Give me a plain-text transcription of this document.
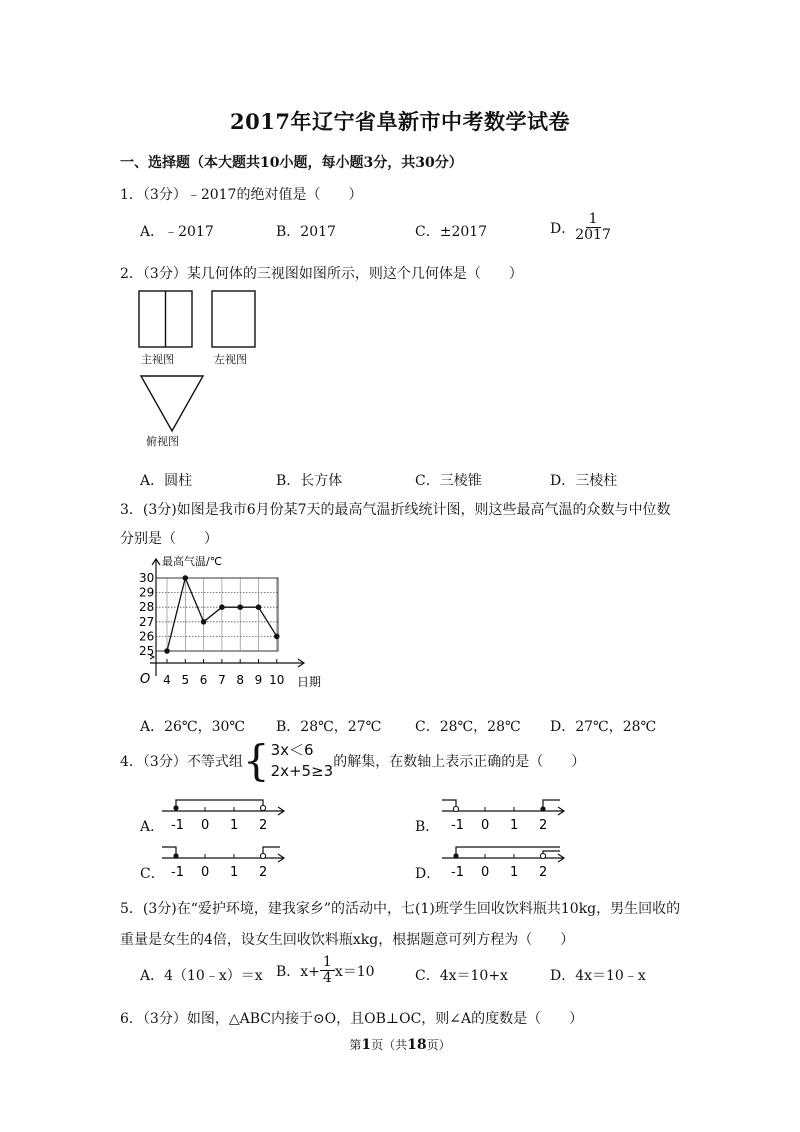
2017年辽宁省阜新市中考数学试卷
一、选择题（本大题共10小题，每小题3分，共30分）
1．（3分）﹣2017的绝对值是（　　）
A．﹣2017	B．2017	C．±2017	D． $\frac{1}{2017}$
2．（3分）某几何体的三视图如图所示，则这个几何体是（　　）
主视图	左视图
俯视图
A．圆柱	B．长方体	C．三棱锥	D．三棱柱
3．(3分)如图是我市6月份某7天的最高气温折线统计图，则这些最高气温的众数与中位数
分别是（　　）
25
26
27
28
29
30
4 5 6 7 8 9 10
最高气温/℃
日期
O
A．26℃，30℃ B．28℃，27℃ C．28℃，28℃ D．27℃，28℃
4．（3分）不等式组 { 3x＜6
2x+5≥3 的解集，在数轴上表示正确的是（　　）
A．	B．
C．	D．
-1 0 1 2	-1 0 1 2
-1 0 1 2	-1 0 1 2
5．(3分)在“爱护环境，建我家乡”的活动中，七(1)班学生回收饮料瓶共10kg，男生回收的
重量是女生的4倍，设女生回收饮料瓶xkg，根据题意可列方程为（　　）
A．4（10﹣x）＝x B．$x+ \frac{1}{4} x=10$	C．4x＝10+x	D．4x＝10﹣x
6．（3分）如图，△ABC内接于⊙O，且OB⊥OC，则∠A的度数是（　　）
第1页（共18页）
